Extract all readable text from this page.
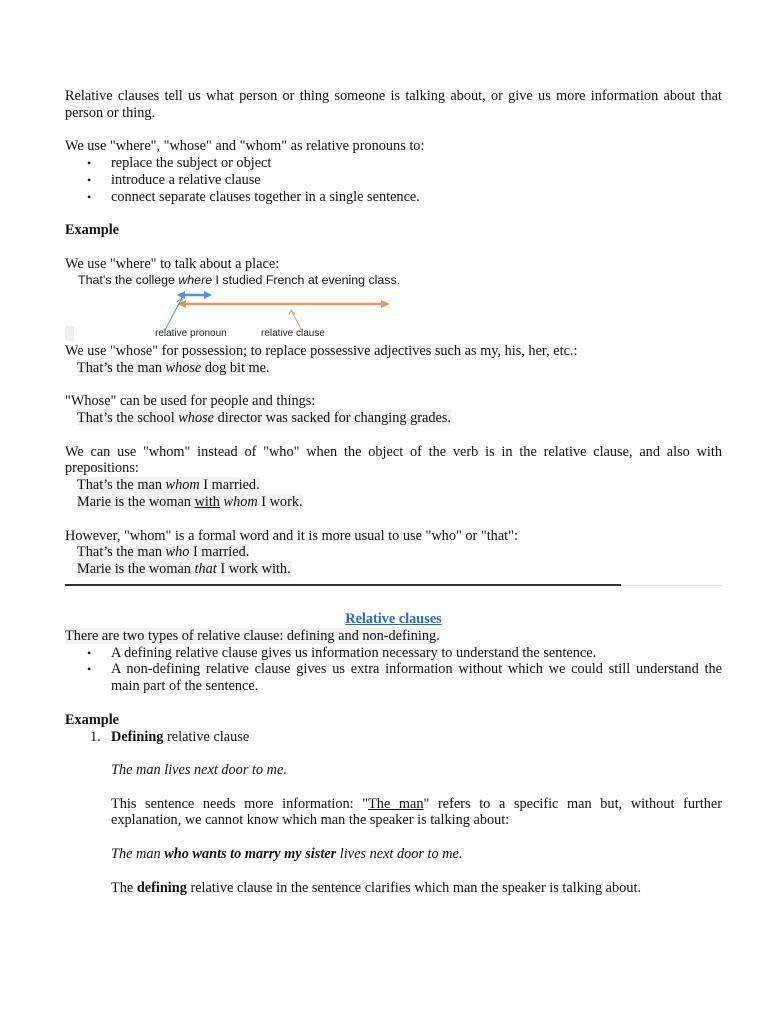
Relative clauses tell us what person or thing someone is talking about, or give us more information about that person or thing.

We use "where", "whose" and "whom" as relative pronouns to:

• replace the subject or object
• introduce a relative clause
• connect separate clauses together in a single sentence.

Example

We use "where" to talk about a place:

That’s the college where I studied French at evening class.
relative pronoun	relative clause

We use "whose" for possession; to replace possessive adjectives such as my, his, her, etc.:

That’s the man whose dog bit me.

"Whose" can be used for people and things:

That’s the school whose director was sacked for changing grades.

We can use "whom" instead of "who" when the object of the verb is in the relative clause, and also with prepositions:

That’s the man whom I married.

Marie is the woman with whom I work.

However, "whom" is a formal word and it is more usual to use "who" or "that":

That’s the man who I married.

Marie is the woman that I work with.

Relative clauses

There are two types of relative clause: defining and non-defining.

• A defining relative clause gives us information necessary to understand the sentence.
• A non-defining relative clause gives us extra information without which we could still understand the main part of the sentence.

Example

1. Defining relative clause

The man lives next door to me.

This sentence needs more information: "The man" refers to a specific man but, without further explanation, we cannot know which man the speaker is talking about:

The man who wants to marry my sister lives next door to me.

The defining relative clause in the sentence clarifies which man the speaker is talking about.
